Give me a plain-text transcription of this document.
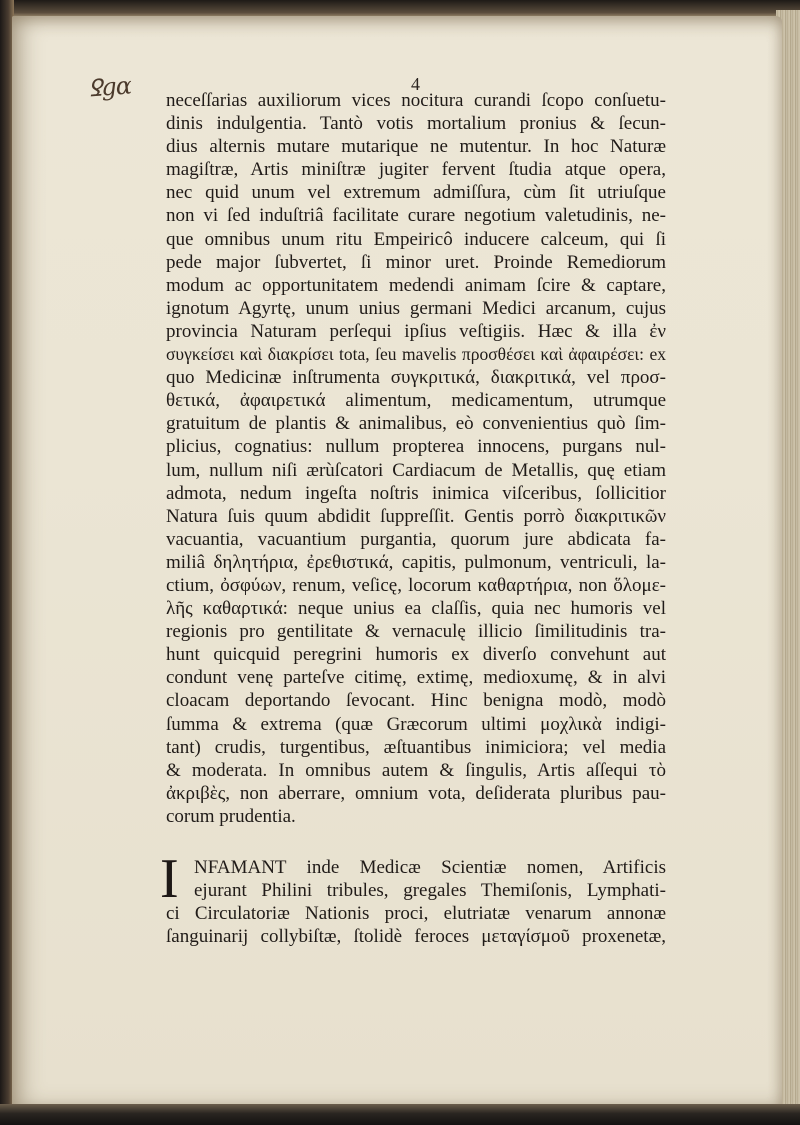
Ꝿgα	4
neceſſarias auxiliorum vices nocitura curandi ſcopo conſuetu-
dinis indulgentia. Tantò votis mortalium pronius & ſecun-
dius alternis mutare mutarique ne mutentur. In hoc Naturæ
magiſtræ, Artis miniſtræ jugiter fervent ſtudia atque opera,
nec quid unum vel extremum admiſſura, cùm ſit utriuſque
non vi ſed induſtriâ facilitate curare negotium valetudinis, ne-
que omnibus unum ritu Empeiricô inducere calceum, qui ſi
pede major ſubvertet, ſi minor uret. Proinde Remediorum
modum ac opportunitatem medendi animam ſcire & captare,
ignotum Agyrtę, unum unius germani Medici arcanum, cujus
provincia Naturam perſequi ipſius veſtigiis. Hæc & illa ἐν
συγκείσει καὶ διακρίσει tota, ſeu mavelis προσθέσει καὶ ἀφαιρέσει: ex
quo Medicinæ inſtrumenta συγκριτικά, διακριτικά, vel προσ-
θετικά, ἀφαιρετικά alimentum, medicamentum, utrumque
gratuitum de plantis & animalibus, eò convenientius quò ſim-
plicius, cognatius: nullum propterea innocens, purgans nul-
lum, nullum niſi ærùſcatori Cardiacum de Metallis, quę etiam
admota, nedum ingeſta noſtris inimica viſceribus, ſollicitior
Natura ſuis quum abdidit ſuppreſſit. Gentis porrò διακριτικῶν
vacuantia, vacuantium purgantia, quorum jure abdicata fa-
miliâ δηλητήρια, ἐρεθιστικά, capitis, pulmonum, ventriculi, la-
ctium, ὀσφύων, renum, veſicę, locorum καθαρτήρια, non ὅλομε-
λῆς καθαρτικά: neque unius ea claſſis, quia nec humoris vel
regionis pro gentilitate & vernaculę illicio ſimilitudinis tra-
hunt quicquid peregrini humoris ex diverſo convehunt aut
condunt venę parteſve citimę, extimę, medioxumę, & in alvi
cloacam deportando ſevocant. Hinc benigna modò, modò
ſumma & extrema (quæ Græcorum ultimi μοχλικὰ indigi-
tant) crudis, turgentibus, æſtuantibus inimiciora; vel media
& moderata. In omnibus autem & ſingulis, Artis aſſequi τὸ
ἀκριβὲς, non aberrare, omnium vota, deſiderata pluribus pau-
corum prudentia.
I NFAMANT inde Medicæ Scientiæ nomen, Artificis
ejurant Philini tribules, gregales Themiſonis, Lymphati-
ci Circulatoriæ Nationis proci, elutriatæ venarum annonæ
ſanguinarij collybiſtæ, ſtolidè feroces μεταγίσμοῦ proxenetæ,
